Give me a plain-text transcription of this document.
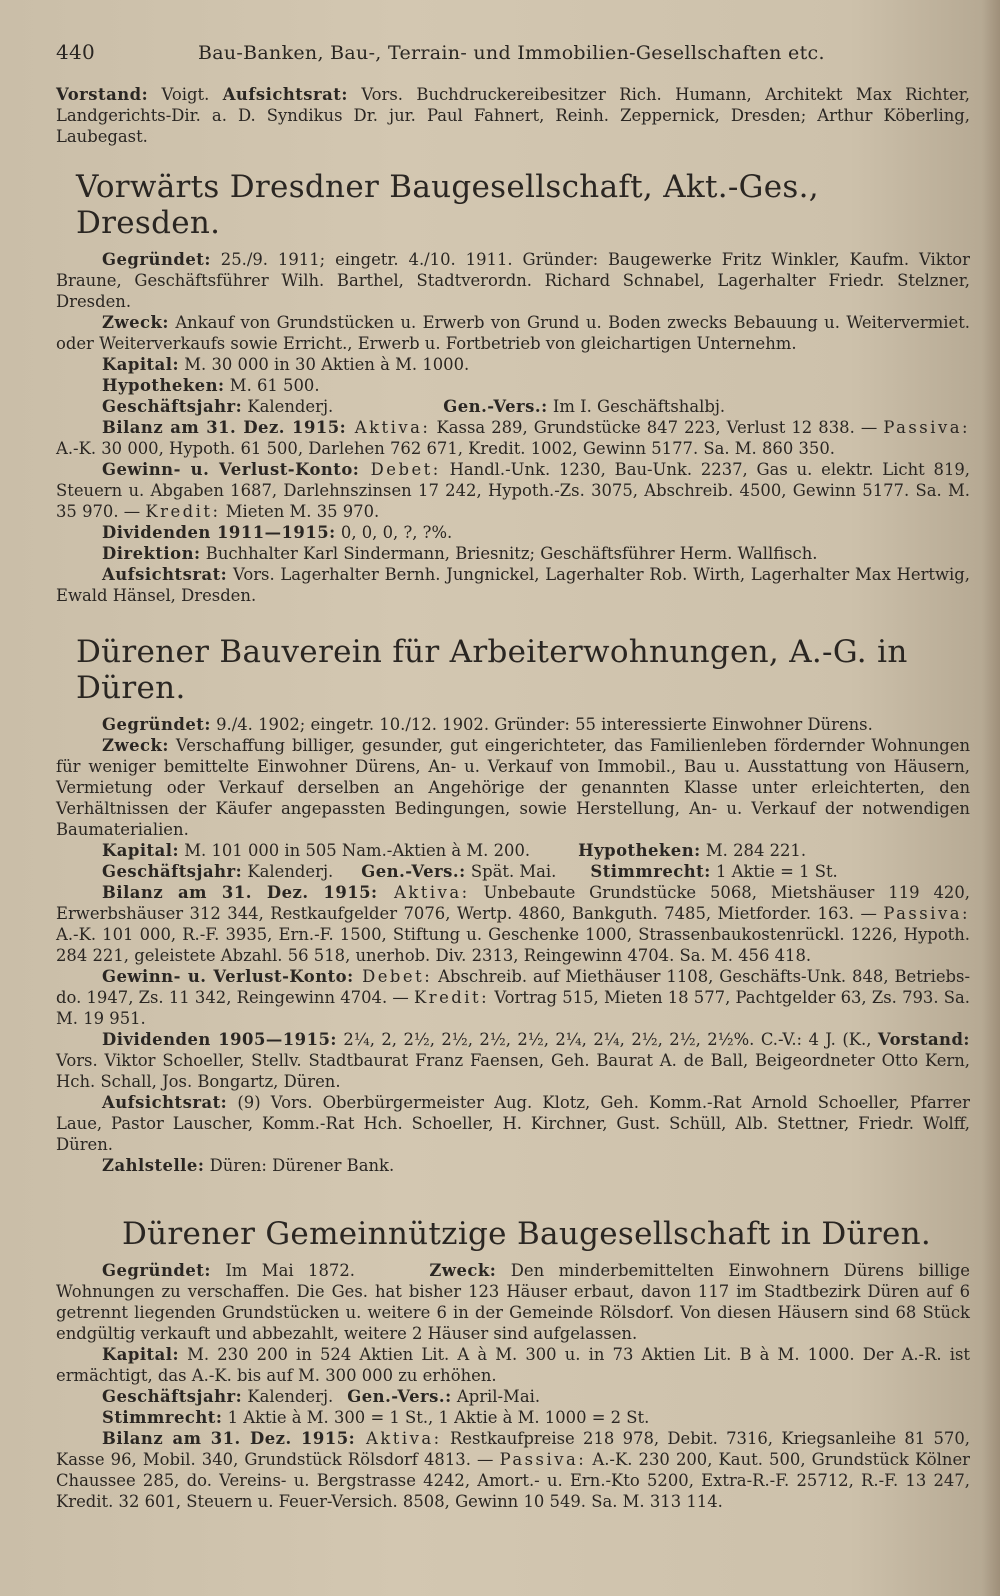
440	Bau-Banken, Bau-, Terrain- und Immobilien-Gesellschaften etc.

Vorstand: Voigt. Aufsichtsrat: Vors. Buchdruckereibesitzer Rich. Humann, Architekt Max Richter, Landgerichts-Dir. a. D. Syndikus Dr. jur. Paul Fahnert, Reinh. Zeppernick, Dresden; Arthur Köberling, Laubegast.

Vorwärts Dresdner Baugesellschaft, Akt.-Ges., Dresden.

Gegründet: 25./9. 1911; eingetr. 4./10. 1911. Gründer: Baugewerke Fritz Winkler, Kaufm. Viktor Braune, Geschäftsführer Wilh. Barthel, Stadtverordn. Richard Schnabel, Lagerhalter Friedr. Stelzner, Dresden.

Zweck: Ankauf von Grundstücken u. Erwerb von Grund u. Boden zwecks Bebauung u. Weitervermiet. oder Weiterverkaufs sowie Erricht., Erwerb u. Fortbetrieb von gleichartigen Unternehm.

Kapital: M. 30 000 in 30 Aktien à M. 1000.

Hypotheken: M. 61 500.

Geschäftsjahr: Kalenderj.	Gen.-Vers.: Im I. Geschäftshalbj.

Bilanz am 31. Dez. 1915: Aktiva: Kassa 289, Grundstücke 847 223, Verlust 12 838. — Passiva: A.-K. 30 000, Hypoth. 61 500, Darlehen 762 671, Kredit. 1002, Gewinn 5177. Sa. M. 860 350.

Gewinn- u. Verlust-Konto: Debet: Handl.-Unk. 1230, Bau-Unk. 2237, Gas u. elektr. Licht 819, Steuern u. Abgaben 1687, Darlehnszinsen 17 242, Hypoth.-Zs. 3075, Abschreib. 4500, Gewinn 5177. Sa. M. 35 970. — Kredit: Mieten M. 35 970.

Dividenden 1911—1915: 0, 0, 0, ?, ?%.

Direktion: Buchhalter Karl Sindermann, Briesnitz; Geschäftsführer Herm. Wallfisch.

Aufsichtsrat: Vors. Lagerhalter Bernh. Jungnickel, Lagerhalter Rob. Wirth, Lagerhalter Max Hertwig, Ewald Hänsel, Dresden.

Dürener Bauverein für Arbeiterwohnungen, A.-G. in Düren.

Gegründet: 9./4. 1902; eingetr. 10./12. 1902. Gründer: 55 interessierte Einwohner Dürens.

Zweck: Verschaffung billiger, gesunder, gut eingerichteter, das Familienleben fördernder Wohnungen für weniger bemittelte Einwohner Dürens, An- u. Verkauf von Immobil., Bau u. Ausstattung von Häusern, Vermietung oder Verkauf derselben an Angehörige der genannten Klasse unter erleichterten, den Verhältnissen der Käufer angepassten Bedingungen, sowie Herstellung, An- u. Verkauf der notwendigen Baumaterialien.

Kapital: M. 101 000 in 505 Nam.-Aktien à M. 200.	Hypotheken: M. 284 221.

Geschäftsjahr: Kalenderj. Gen.-Vers.: Spät. Mai. Stimmrecht: 1 Aktie = 1 St.

Bilanz am 31. Dez. 1915: Aktiva: Unbebaute Grundstücke 5068, Mietshäuser 119 420, Erwerbshäuser 312 344, Restkaufgelder 7076, Wertp. 4860, Bankguth. 7485, Mietforder. 163. — Passiva: A.-K. 101 000, R.-F. 3935, Ern.-F. 1500, Stiftung u. Geschenke 1000, Strassenbaukostenrückl. 1226, Hypoth. 284 221, geleistete Abzahl. 56 518, unerhob. Div. 2313, Reingewinn 4704. Sa. M. 456 418.

Gewinn- u. Verlust-Konto: Debet: Abschreib. auf Miethäuser 1108, Geschäfts-Unk. 848, Betriebs- do. 1947, Zs. 11 342, Reingewinn 4704. — Kredit: Vortrag 515, Mieten 18 577, Pachtgelder 63, Zs. 793. Sa. M. 19 951.

Dividenden 1905—1915: 2¼, 2, 2½, 2½, 2½, 2½, 2¼, 2¼, 2½, 2½, 2½%. C.-V.: 4 J. (K., Vorstand: Vors. Viktor Schoeller, Stellv. Stadtbaurat Franz Faensen, Geh. Baurat A. de Ball, Beigeordneter Otto Kern, Hch. Schall, Jos. Bongartz, Düren.

Aufsichtsrat: (9) Vors. Oberbürgermeister Aug. Klotz, Geh. Komm.-Rat Arnold Schoeller, Pfarrer Laue, Pastor Lauscher, Komm.-Rat Hch. Schoeller, H. Kirchner, Gust. Schüll, Alb. Stettner, Friedr. Wolff, Düren.

Zahlstelle: Düren: Dürener Bank.

Dürener Gemeinnützige Baugesellschaft in Düren.

Gegründet: Im Mai 1872.	Zweck: Den minderbemittelten Einwohnern Dürens billige Wohnungen zu verschaffen. Die Ges. hat bisher 123 Häuser erbaut, davon 117 im Stadtbezirk Düren auf 6 getrennt liegenden Grundstücken u. weitere 6 in der Gemeinde Rölsdorf. Von diesen Häusern sind 68 Stück endgültig verkauft und abbezahlt, weitere 2 Häuser sind aufgelassen.

Kapital: M. 230 200 in 524 Aktien Lit. A à M. 300 u. in 73 Aktien Lit. B à M. 1000. Der A.-R. ist ermächtigt, das A.-K. bis auf M. 300 000 zu erhöhen.

Geschäftsjahr: Kalenderj. Gen.-Vers.: April-Mai.

Stimmrecht: 1 Aktie à M. 300 = 1 St., 1 Aktie à M. 1000 = 2 St.

Bilanz am 31. Dez. 1915: Aktiva: Restkaufpreise 218 978, Debit. 7316, Kriegsanleihe 81 570, Kasse 96, Mobil. 340, Grundstück Rölsdorf 4813. — Passiva: A.-K. 230 200, Kaut. 500, Grundstück Kölner Chaussee 285, do. Vereins- u. Bergstrasse 4242, Amort.- u. Ern.-Kto 5200, Extra-R.-F. 25712, R.-F. 13 247, Kredit. 32 601, Steuern u. Feuer-Versich. 8508, Gewinn 10 549. Sa. M. 313 114.
